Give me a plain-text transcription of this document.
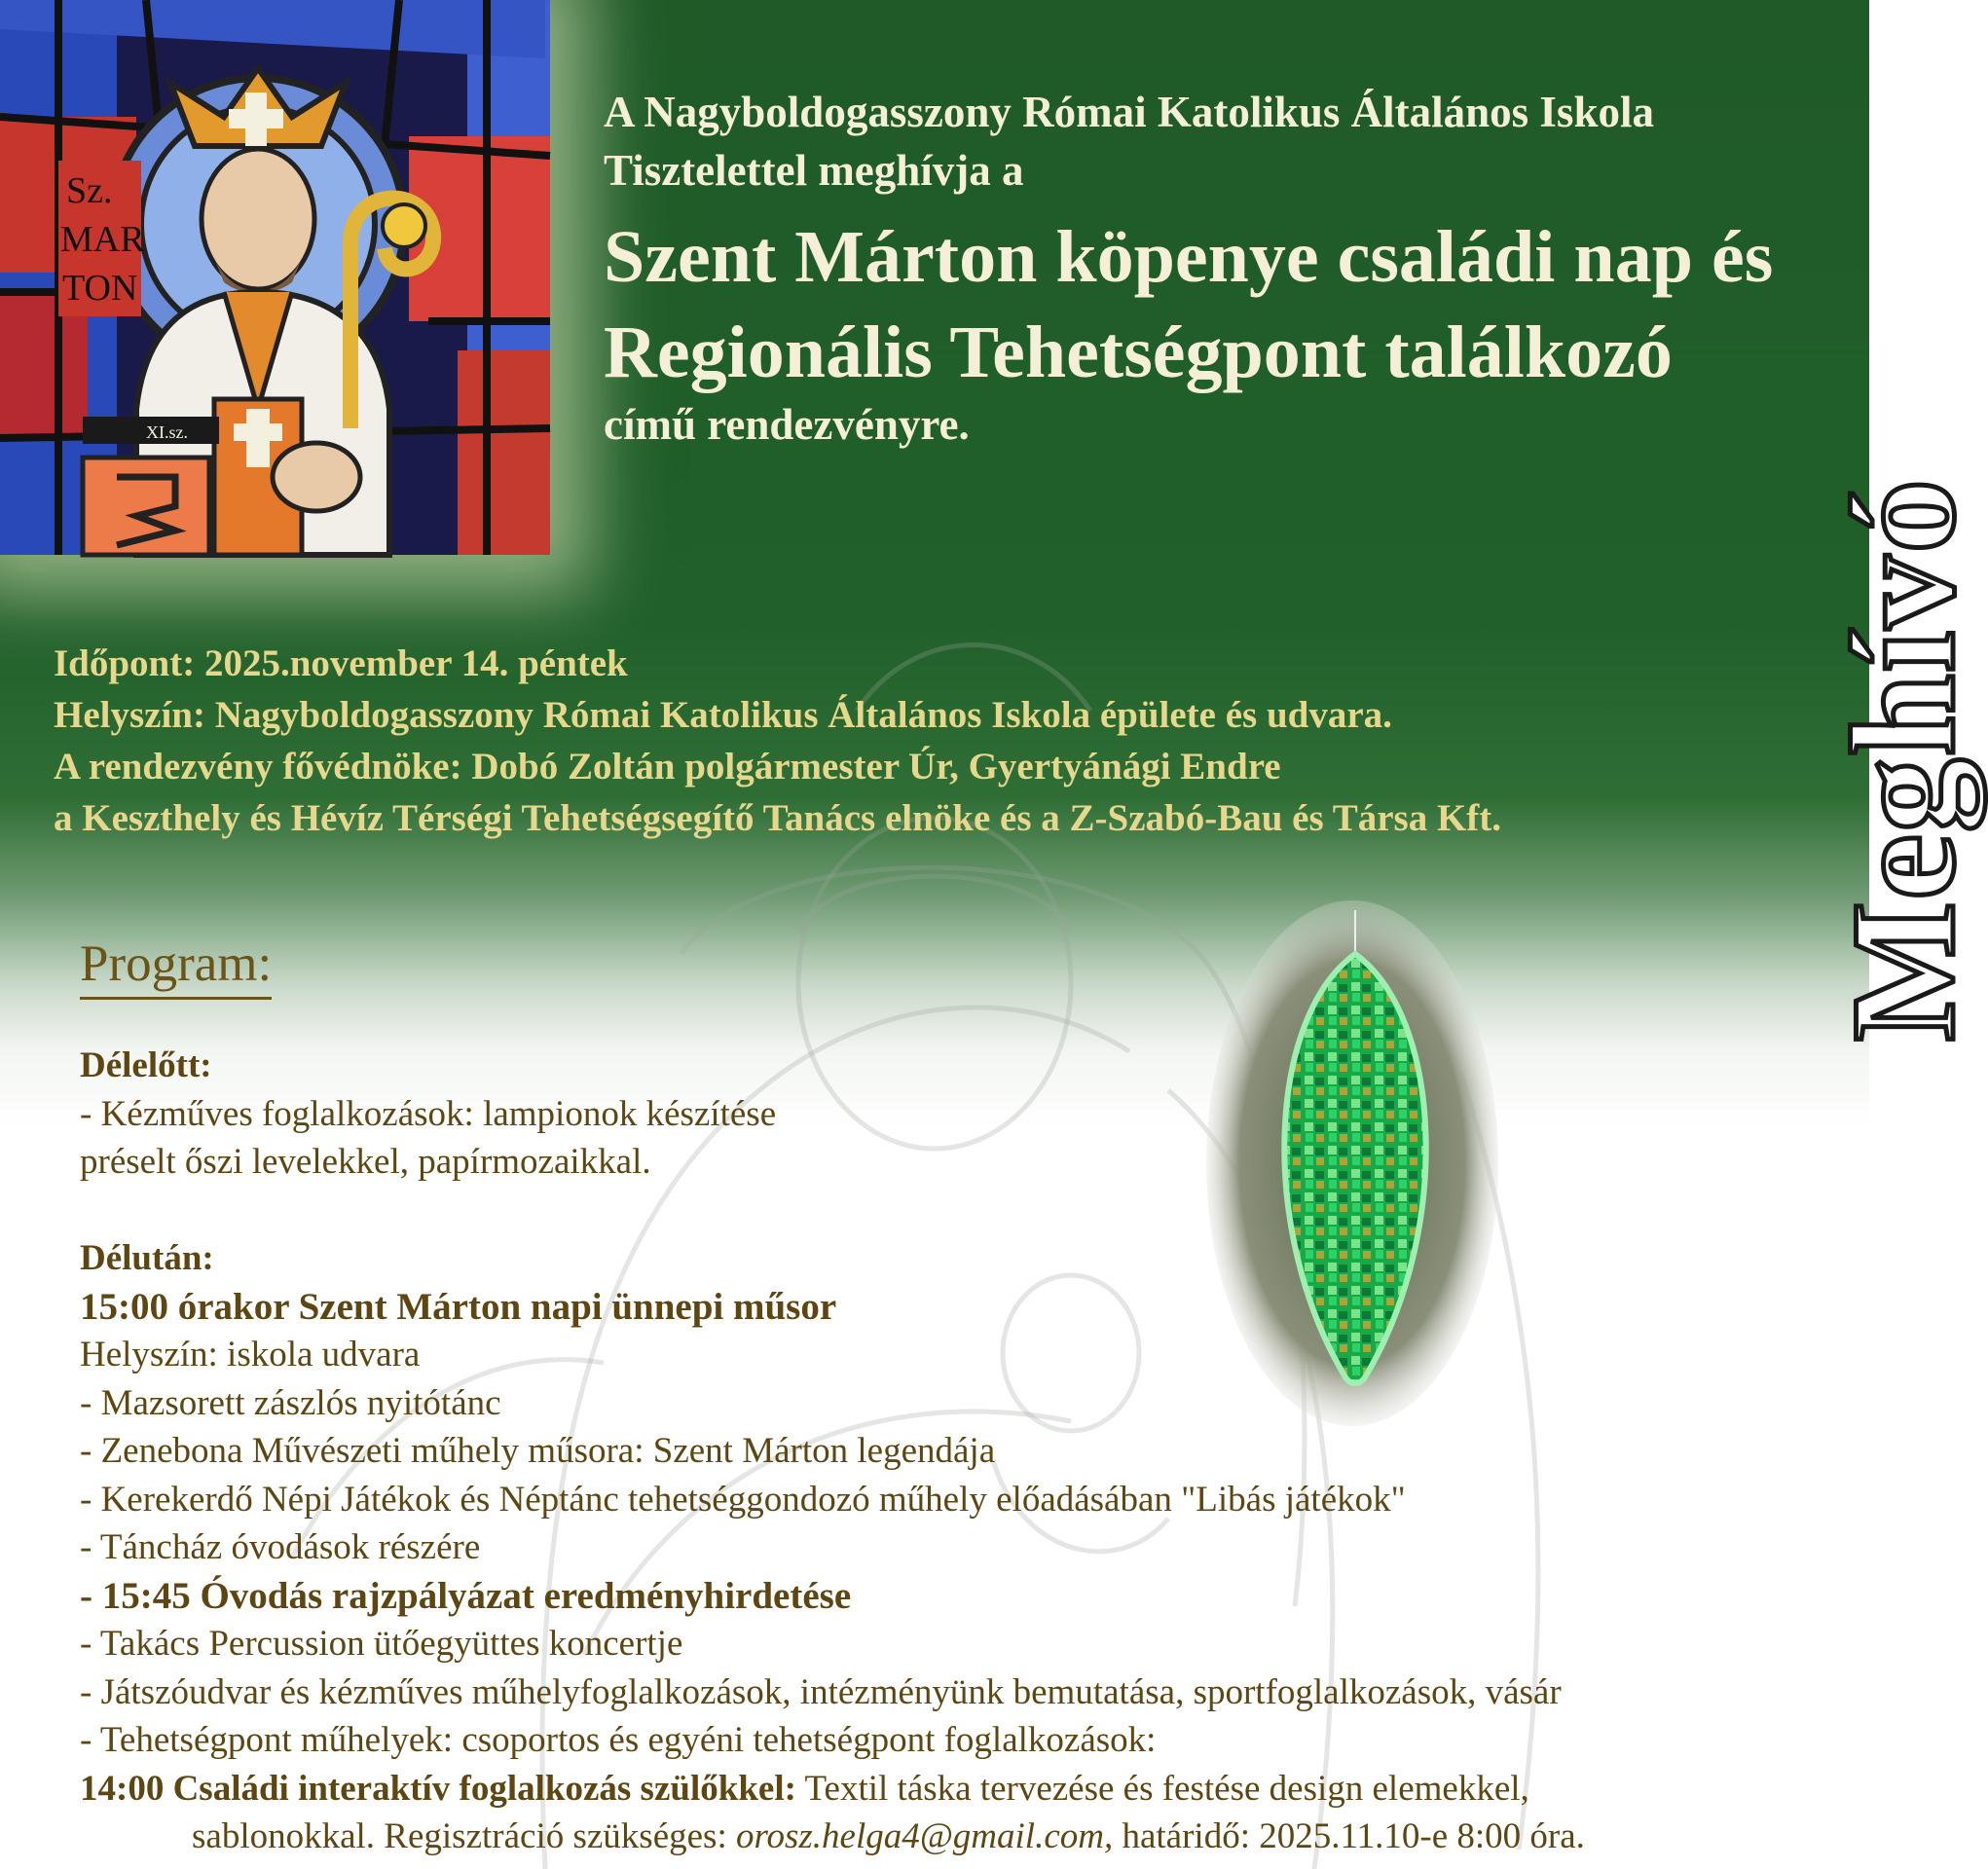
Sz.
MAR
TON
XI.sz.
A Nagyboldogasszony Római Katolikus Általános Iskola
Tisztelettel meghívja a
Szent Márton köpenye családi nap és
Regionális Tehetségpont találkozó
című rendezvényre.
Meghívó
Időpont: 2025.november 14. péntek
Helyszín: Nagyboldogasszony Római Katolikus Általános Iskola épülete és udvara.
A rendezvény fővédnöke: Dobó Zoltán polgármester Úr, Gyertyánági Endre
a Keszthely és Hévíz Térségi Tehetségsegítő Tanács elnöke és a Z-Szabó-Bau és Társa Kft.
Program:
Délelőtt:
- Kézműves foglalkozások: lampionok készítése
préselt őszi levelekkel, papírmozaikkal.
Délután:
15:00 órakor Szent Márton napi ünnepi műsor
Helyszín: iskola udvara
- Mazsorett zászlós nyitótánc
- Zenebona Művészeti műhely műsora: Szent Márton legendája
- Kerekerdő Népi Játékok és Néptánc tehetséggondozó műhely előadásában "Libás játékok"
- Táncház óvodások részére
- 15:45 Óvodás rajzpályázat eredményhirdetése
- Takács Percussion ütőegyüttes koncertje
- Játszóudvar és kézműves műhelyfoglalkozások, intézményünk bemutatása, sportfoglalkozások, vásár
- Tehetségpont műhelyek: csoportos és egyéni tehetségpont foglalkozások:
14:00 Családi interaktív foglalkozás szülőkkel: Textil táska tervezése és festése design elemekkel,
sablonokkal. Regisztráció szükséges: orosz.helga4@gmail.com, határidő: 2025.11.10-e 8:00 óra.
